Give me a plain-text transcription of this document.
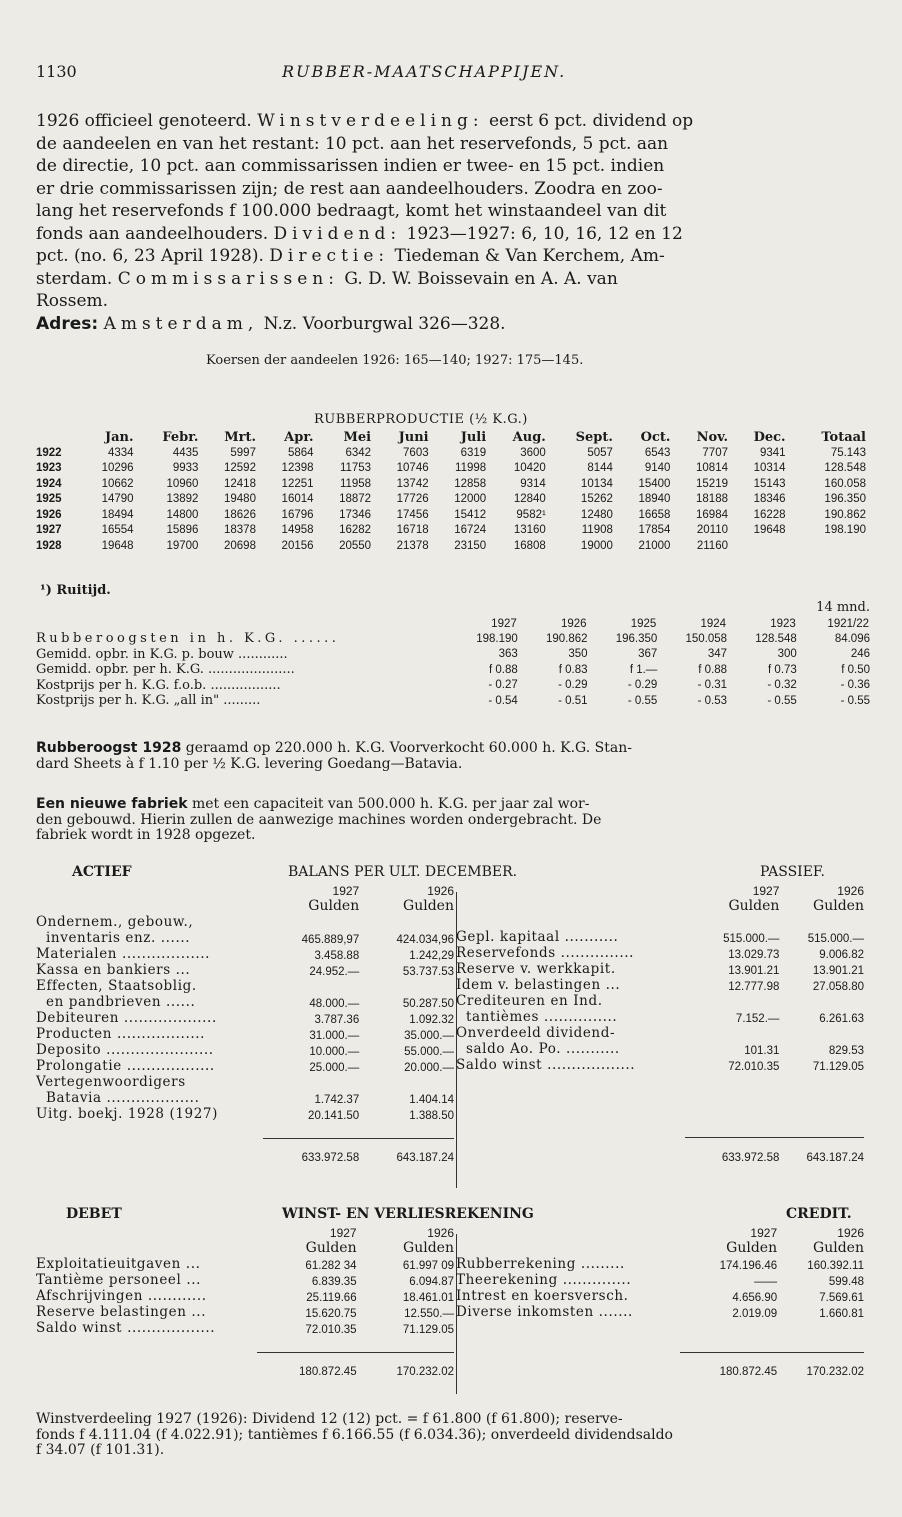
1130	RUBBER-MAATSCHAPPIJEN.
1926 officieel genoteerd. Winstverdeeling: eerst 6 pct. dividend op
de aandeelen en van het restant: 10 pct. aan het reservefonds, 5 pct. aan
de directie, 10 pct. aan commissarissen indien er twee- en 15 pct. indien
er drie commissarissen zijn; de rest aan aandeelhouders. Zoodra en zoo-
lang het reservefonds f 100.000 bedraagt, komt het winstaandeel van dit
fonds aan aandeelhouders. Dividend: 1923—1927: 6, 10, 16, 12 en 12
pct. (no. 6, 23 April 1928). Directie: Tiedeman & Van Kerchem, Am-
sterdam. Commissarissen: G. D. W. Boissevain en A. A. van
Rossem.
Adres: Amsterdam, N.z. Voorburgwal 326—328.
Koersen der aandeelen 1926: 165—140; 1927: 175—145.
RUBBERPRODUCTIE (½ K.G.)
	Jan.	Febr.	Mrt.	Apr.	Mei	Juni	Juli	Aug.	Sept.	Oct.	Nov.	Dec.	Totaal
1922	4334	4435	5997	5864	6342	7603	6319	3600	5057	6543	7707	9341	75.143
1923	10296	9933	12592	12398	11753	10746	11998	10420	8144	9140	10814	10314	128.548
1924	10662	10960	12418	12251	11958	13742	12858	9314	10134	15400	15219	15143	160.058
1925	14790	13892	19480	16014	18872	17726	12000	12840	15262	18940	18188	18346	196.350
1926	18494	14800	18626	16796	17346	17456	15412	9582¹	12480	16658	16984	16228	190.862
1927	16554	15896	18378	14958	16282	16718	16724	13160	11908	17854	20110	19648	198.190
1928	19648	19700	20698	20156	20550	21378	23150	16808	19000	21000	21160		
¹) Ruitijd.
14 mnd.
	1927	1926	1925	1924	1923	1921/22
Rubberoogsten in h. K.G. ......	198.190	190.862	196.350	150.058	128.548	84.096
Gemidd. opbr. in K.G. p. bouw ............	363	350	367	347	300	246
Gemidd. opbr. per h. K.G. .....................	f 0.88	f 0.83	f 1.—	f 0.88	f 0.73	f 0.50
Kostprijs per h. K.G. f.o.b. .................	- 0.27	- 0.29	- 0.29	- 0.31	- 0.32	- 0.36
Kostprijs per h. K.G. „all in" .........	- 0.54	- 0.51	- 0.55	- 0.53	- 0.55	- 0.55
Rubberoogst 1928 geraamd op 220.000 h. K.G. Voorverkocht 60.000 h. K.G. Stan-
dard Sheets à f 1.10 per ½ K.G. levering Goedang—Batavia.
Een nieuwe fabriek met een capaciteit van 500.000 h. K.G. per jaar zal wor-
den gebouwd. Hierin zullen de aanwezige machines worden ondergebracht. De
fabriek wordt in 1928 opgezet.
ACTIEF	BALANS PER ULT. DECEMBER.	PASSIEF.
	1927	1926
	Gulden	Gulden
Ondernem., gebouw.,		
inventaris enz. ......	465.889,97	424.034,96
Materialen ..................	3.458.88	1.242,29
Kassa en bankiers ...	24.952.—	53.737.53
Effecten, Staatsoblig.		
en pandbrieven ......	48.000.—	50.287.50
Debiteuren ...................	3.787.36	1.092.32
Producten ..................	31.000.—	35.000.—
Deposito ......................	10.000.—	55.000.—
Prolongatie ..................	25.000.—	20.000.—
Vertegenwoordigers		
Batavia ...................	1.742.37	1.404.14
Uitg. boekj. 1928 (1927)	20.141.50	1.388.50

	633.972.58	643.187.24
	1927	1926
	Gulden	Gulden

Gepl. kapitaal ...........	515.000.—	515.000.—
Reservefonds ...............	13.029.73	9.006.82
Reserve v. werkkapit.	13.901.21	13.901.21
Idem v. belastingen ...	12.777.98	27.058.80
Crediteuren en Ind.		
tantièmes ...............	7.152.—	6.261.63
Onverdeeld dividend-		
saldo Ao. Po. ...........	101.31	829.53
Saldo winst ..................	72.010.35	71.129.05

	633.972.58	643.187.24
DEBET	WINST- EN VERLIESREKENING	CREDIT.
	1927	1926
	Gulden	Gulden
Exploitatieuitgaven ...	61.282 34	61.997 09
Tantième personeel ...	6.839.35	6.094.87
Afschrijvingen ............	25.119.66	18.461.01
Reserve belastingen ...	15.620.75	12.550.—
Saldo winst ..................	72.010.35	71.129.05

	180.872.45	170.232.02
	1927	1926
	Gulden	Gulden
Rubberrekening .........	174.196.46	160.392.11
Theerekening ..............	——	599.48
Intrest en koersversch.	4.656.90	7.569.61
Diverse inkomsten .......	2.019.09	1.660.81

	180.872.45	170.232.02
Winstverdeeling 1927 (1926): Dividend 12 (12) pct. = f 61.800 (f 61.800); reserve-
fonds f 4.111.04 (f 4.022.91); tantièmes f 6.166.55 (f 6.034.36); onverdeeld dividendsaldo
f 34.07 (f 101.31).
